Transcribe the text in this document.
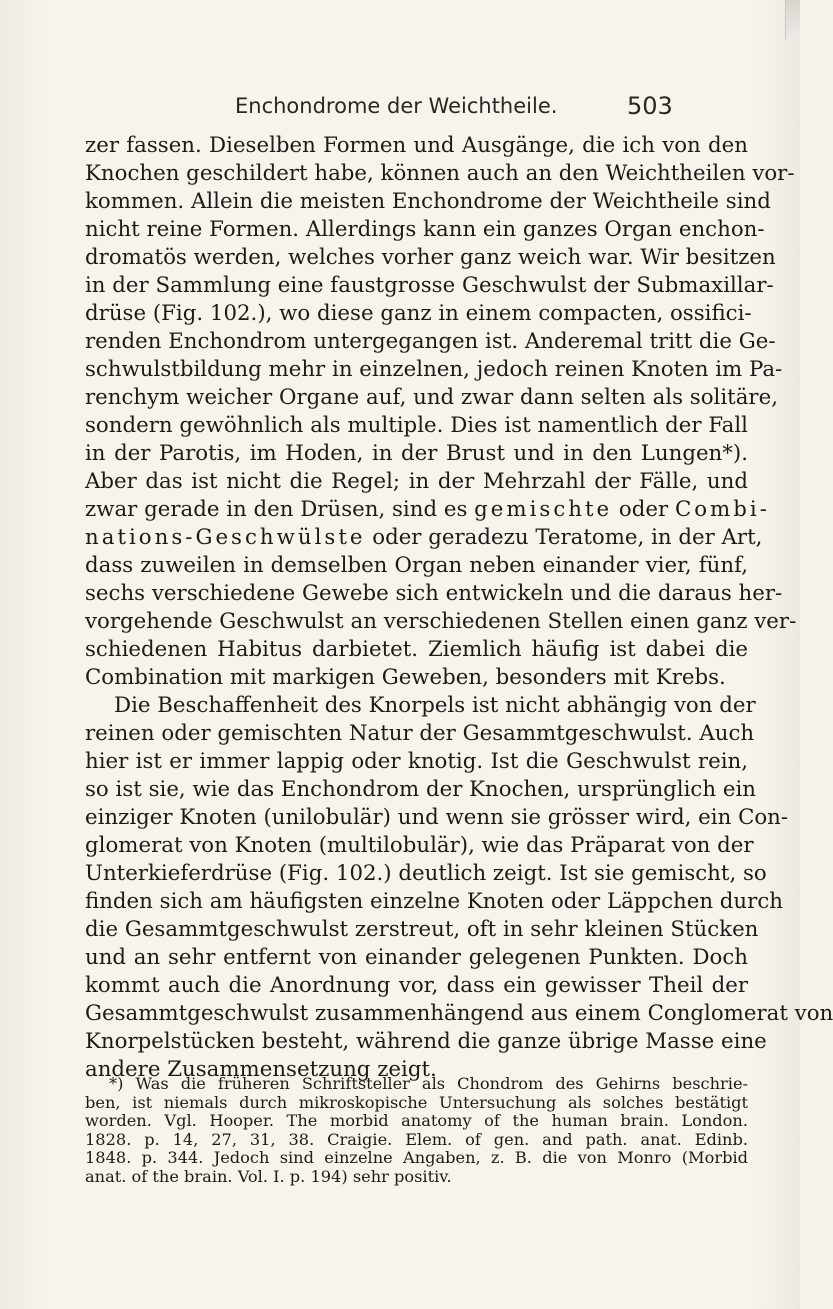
Enchondrome der Weichtheile.	503
zer fassen. Dieselben Formen und Ausgänge, die ich von den
Knochen geschildert habe, können auch an den Weichtheilen vor-
kommen. Allein die meisten Enchondrome der Weichtheile sind
nicht reine Formen. Allerdings kann ein ganzes Organ enchon-
dromatös werden, welches vorher ganz weich war. Wir besitzen
in der Sammlung eine faustgrosse Geschwulst der Submaxillar-
drüse (Fig. 102.), wo diese ganz in einem compacten, ossifici-
renden Enchondrom untergegangen ist. Anderemal tritt die Ge-
schwulstbildung mehr in einzelnen, jedoch reinen Knoten im Pa-
renchym weicher Organe auf, und zwar dann selten als solitäre,
sondern gewöhnlich als multiple. Dies ist namentlich der Fall
in der Parotis, im Hoden, in der Brust und in den Lungen*).
Aber das ist nicht die Regel; in der Mehrzahl der Fälle, und
zwar gerade in den Drüsen, sind es gemischte oder Combi-
nations-Geschwülste oder geradezu Teratome, in der Art,
dass zuweilen in demselben Organ neben einander vier, fünf,
sechs verschiedene Gewebe sich entwickeln und die daraus her-
vorgehende Geschwulst an verschiedenen Stellen einen ganz ver-
schiedenen Habitus darbietet. Ziemlich häufig ist dabei die
Combination mit markigen Geweben, besonders mit Krebs.
Die Beschaffenheit des Knorpels ist nicht abhängig von der
reinen oder gemischten Natur der Gesammtgeschwulst. Auch
hier ist er immer lappig oder knotig. Ist die Geschwulst rein,
so ist sie, wie das Enchondrom der Knochen, ursprünglich ein
einziger Knoten (unilobulär) und wenn sie grösser wird, ein Con-
glomerat von Knoten (multilobulär), wie das Präparat von der
Unterkieferdrüse (Fig. 102.) deutlich zeigt. Ist sie gemischt, so
finden sich am häufigsten einzelne Knoten oder Läppchen durch
die Gesammtgeschwulst zerstreut, oft in sehr kleinen Stücken
und an sehr entfernt von einander gelegenen Punkten. Doch
kommt auch die Anordnung vor, dass ein gewisser Theil der
Gesammtgeschwulst zusammenhängend aus einem Conglomerat von
Knorpelstücken besteht, während die ganze übrige Masse eine
andere Zusammensetzung zeigt.
*) Was die früheren Schriftsteller als Chondrom des Gehirns beschrie-
ben, ist niemals durch mikroskopische Untersuchung als solches bestätigt
worden. Vgl. Hooper. The morbid anatomy of the human brain. London.
1828. p. 14, 27, 31, 38. Craigie. Elem. of gen. and path. anat. Edinb.
1848. p. 344. Jedoch sind einzelne Angaben, z. B. die von Monro (Morbid
anat. of the brain. Vol. I. p. 194) sehr positiv.
